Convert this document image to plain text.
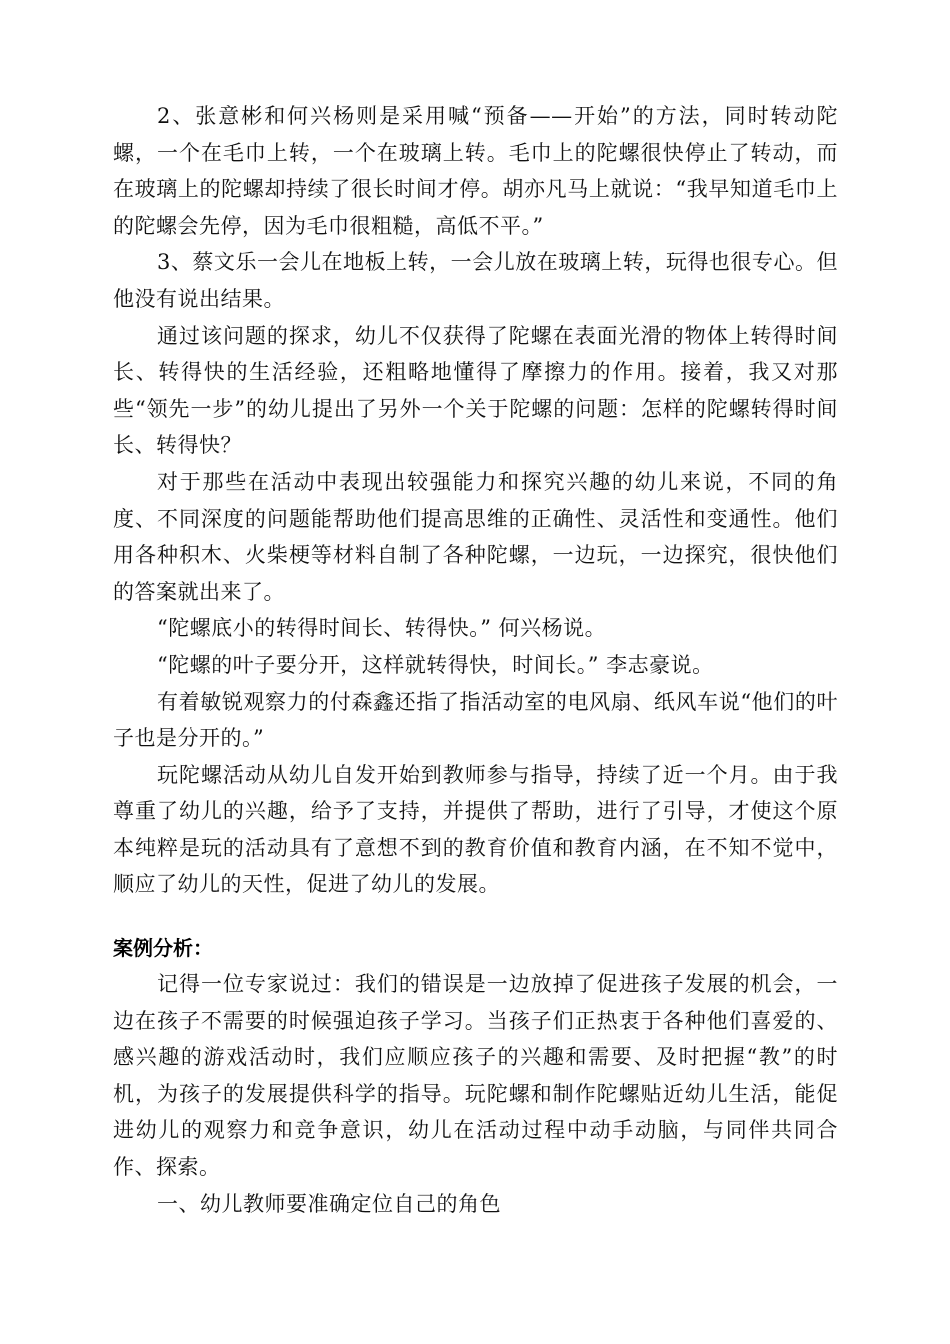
2、张意彬和何兴杨则是采用喊“预备——开始”的方法，同时转动陀螺，一个在毛巾上转，一个在玻璃上转。毛巾上的陀螺很快停止了转动，而在玻璃上的陀螺却持续了很长时间才停。胡亦凡马上就说：“我早知道毛巾上的陀螺会先停，因为毛巾很粗糙，高低不平。”

3、蔡文乐一会儿在地板上转，一会儿放在玻璃上转，玩得也很专心。但他没有说出结果。

通过该问题的探求，幼儿不仅获得了陀螺在表面光滑的物体上转得时间长、转得快的生活经验，还粗略地懂得了摩擦力的作用。接着，我又对那些“领先一步”的幼儿提出了另外一个关于陀螺的问题：怎样的陀螺转得时间长、转得快？

对于那些在活动中表现出较强能力和探究兴趣的幼儿来说，不同的角度、不同深度的问题能帮助他们提高思维的正确性、灵活性和变通性。他们用各种积木、火柴梗等材料自制了各种陀螺，一边玩，一边探究，很快他们的答案就出来了。

“陀螺底小的转得时间长、转得快。” 何兴杨说。

“陀螺的叶子要分开，这样就转得快，时间长。” 李志豪说。

有着敏锐观察力的付森鑫还指了指活动室的电风扇、纸风车说“他们的叶子也是分开的。”

玩陀螺活动从幼儿自发开始到教师参与指导，持续了近一个月。由于我尊重了幼儿的兴趣，给予了支持，并提供了帮助，进行了引导，才使这个原本纯粹是玩的活动具有了意想不到的教育价值和教育内涵，在不知不觉中，顺应了幼儿的天性，促进了幼儿的发展。

案例分析：

记得一位专家说过：我们的错误是一边放掉了促进孩子发展的机会，一边在孩子不需要的时候强迫孩子学习。当孩子们正热衷于各种他们喜爱的、感兴趣的游戏活动时，我们应顺应孩子的兴趣和需要、及时把握“教”的时机，为孩子的发展提供科学的指导。玩陀螺和制作陀螺贴近幼儿生活，能促进幼儿的观察力和竞争意识，幼儿在活动过程中动手动脑，与同伴共同合作、探索。

一、幼儿教师要准确定位自己的角色
